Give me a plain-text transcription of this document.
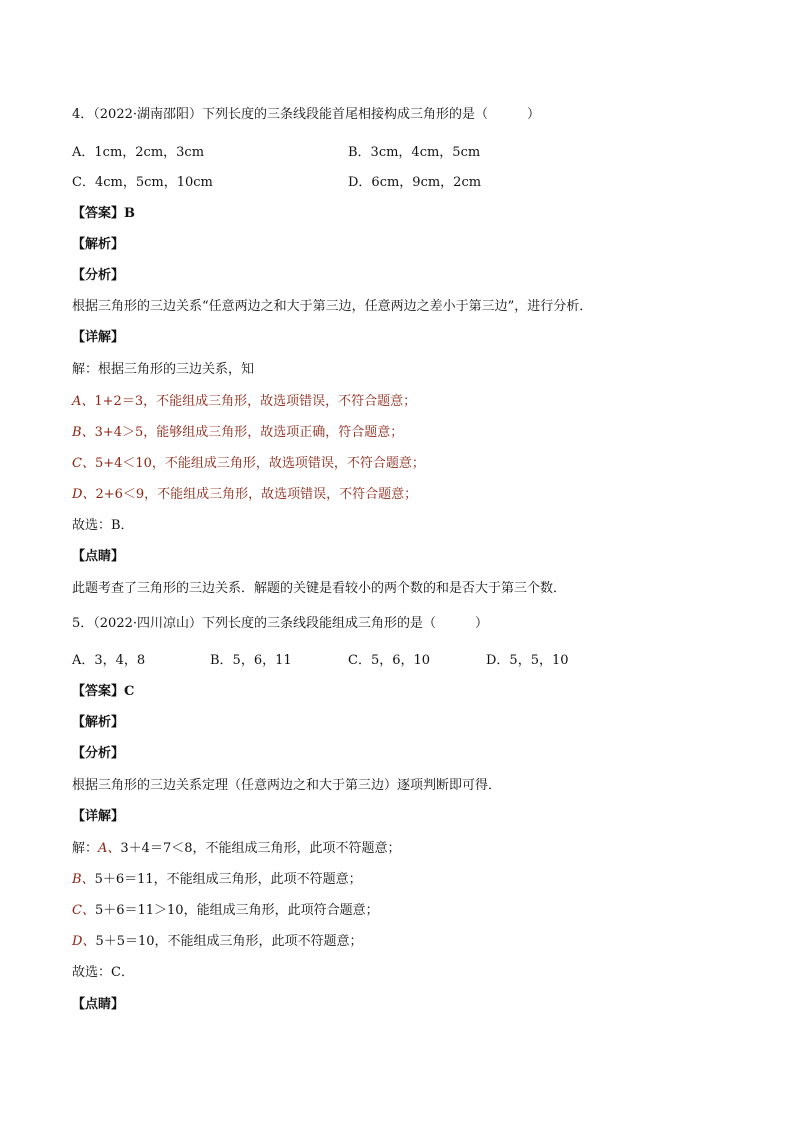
4．（2022·湖南邵阳）下列长度的三条线段能首尾相接构成三角形的是（　　　）
A．1cm，2cm，3cm	B．3cm，4cm，5cm
C．4cm，5cm，10cm	D．6cm，9cm，2cm
【答案】B
【解析】
【分析】
根据三角形的三边关系“任意两边之和大于第三边，任意两边之差小于第三边”，进行分析．
【详解】
解：根据三角形的三边关系，知
A、1+2＝3，不能组成三角形，故选项错误，不符合题意；
B、3+4＞5，能够组成三角形，故选项正确，符合题意；
C、5+4＜10，不能组成三角形，故选项错误，不符合题意；
D、2+6＜9，不能组成三角形，故选项错误，不符合题意；
故选：B．
【点睛】
此题考查了三角形的三边关系．解题的关键是看较小的两个数的和是否大于第三个数．
5．（2022·四川凉山）下列长度的三条线段能组成三角形的是（　　　）
A．3，4，8	B．5，6，11	C．5，6，10	D．5，5，10
【答案】C
【解析】
【分析】
根据三角形的三边关系定理（任意两边之和大于第三边）逐项判断即可得．
【详解】
解：A、3＋4＝7＜8，不能组成三角形，此项不符题意；
B、5＋6＝11，不能组成三角形，此项不符题意；
C、5＋6＝11＞10，能组成三角形，此项符合题意；
D、5＋5＝10，不能组成三角形，此项不符题意；
故选：C．
【点睛】
